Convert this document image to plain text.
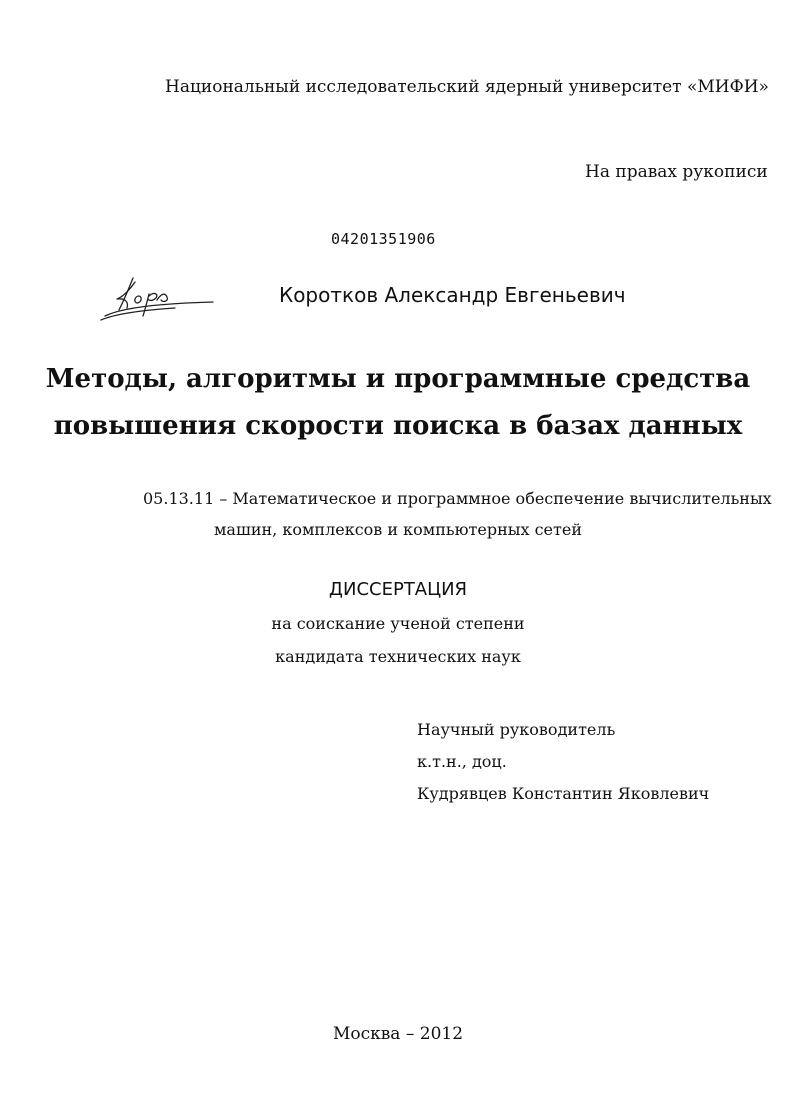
Национальный исследовательский ядерный университет «МИФИ»
На правах рукописи
04201351906
Коротков Александр Евгеньевич
Методы, алгоритмы и программные средства
повышения скорости поиска в базах данных
05.13.11 – Математическое и программное обеспечение вычислительных
машин, комплексов и компьютерных сетей
ДИССЕРТАЦИЯ
на соискание ученой степени
кандидата технических наук
Научный руководитель
к.т.н., доц.
Кудрявцев Константин Яковлевич
Москва – 2012
